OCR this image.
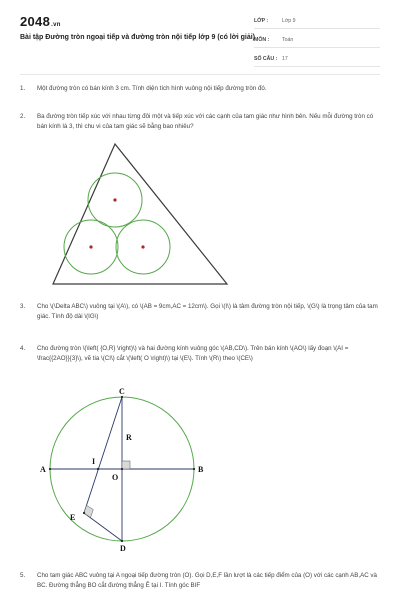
2048.vn
Bài tập Đường tròn ngoại tiếp và đường tròn nội tiếp lớp 9 (có lời giải)
LỚP :	Lớp 9
MÔN :	Toán
SỐ CÂU : 17
1.	Một đường tròn có bán kính 3 cm. Tính diện tích hình vuông nội tiếp đường tròn đó.
2.	Ba đường tròn tiếp xúc với nhau từng đôi một và tiếp xúc với các cạnh của tam giác như hình bên. Nếu mỗi đường tròn có bán kính là 3, thì chu vi của tam giác sẽ bằng bao nhiêu?
3.	Cho \(\Delta ABC\) vuông tại \(A\), có \(AB = 9cm,AC = 12cm\). Gọi \(I\) là tâm đường tròn nội tiếp, \(G\) là trọng tâm của tam giác. Tính độ dài \(IG\)
4.	Cho đường tròn \(\left( {O,R} \right)\) và hai đường kính vuông góc \(AB,CD\). Trên bán kính \(AO\) lấy đoạn \(AI = \frac{{2AO}}{3}\), vẽ tia \(CI\) cắt \(\left( O \right)\) tại \(E\). Tính \(R\) theo \(CE\)
C
D
A	B
O
I
E
R
5.	Cho tam giác ABC vuông tại A ngoại tiếp đường tròn (O). Gọi D,E,F lần lượt là các tiếp điểm của (O) với các cạnh AB,AC và BC. Đường thẳng BO cắt đường thẳng Ē tại I. Tính góc BIF
